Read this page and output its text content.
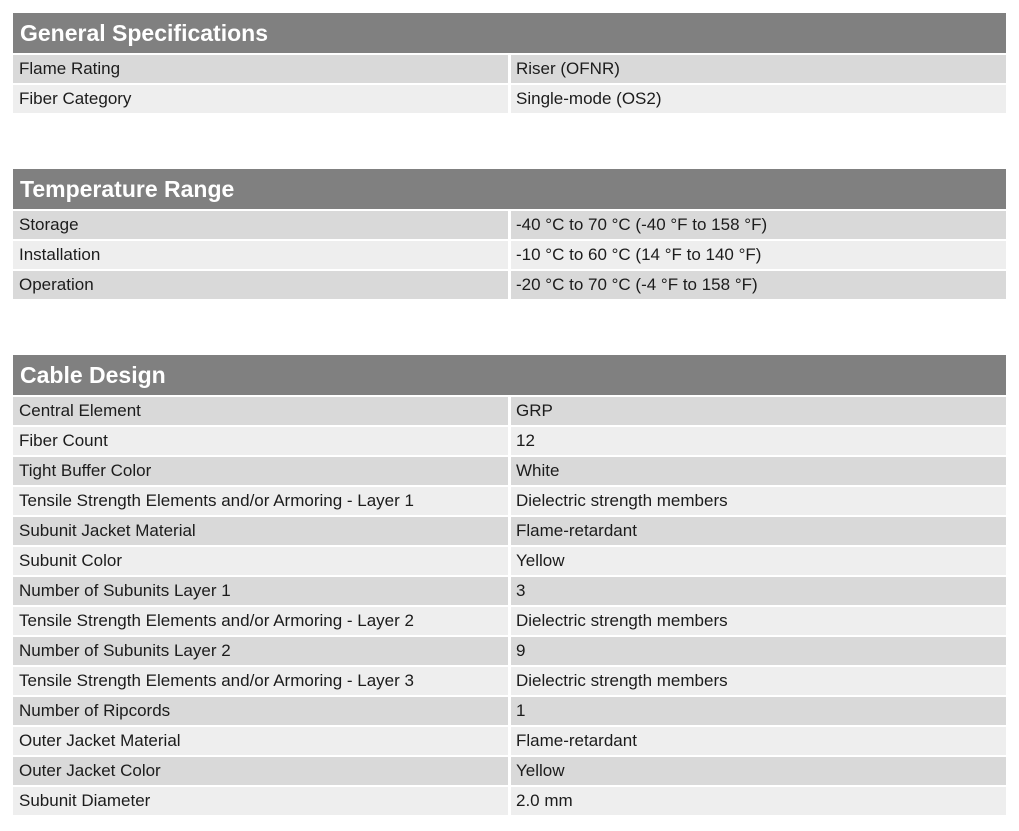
General Specifications	
Flame Rating	Riser (OFNR)
Fiber Category	Single-mode (OS2)
Temperature Range	
Storage	-40 °C to 70 °C (-40 °F to 158 °F)
Installation	-10 °C to 60 °C (14 °F to 140 °F)
Operation	-20 °C to 70 °C (-4 °F to 158 °F)
Cable Design	
Central Element	GRP
Fiber Count	12
Tight Buffer Color	White
Tensile Strength Elements and/or Armoring - Layer 1	Dielectric strength members
Subunit Jacket Material	Flame-retardant
Subunit Color	Yellow
Number of Subunits Layer 1	3
Tensile Strength Elements and/or Armoring - Layer 2	Dielectric strength members
Number of Subunits Layer 2	9
Tensile Strength Elements and/or Armoring - Layer 3	Dielectric strength members
Number of Ripcords	1
Outer Jacket Material	Flame-retardant
Outer Jacket Color	Yellow
Subunit Diameter	2.0 mm
